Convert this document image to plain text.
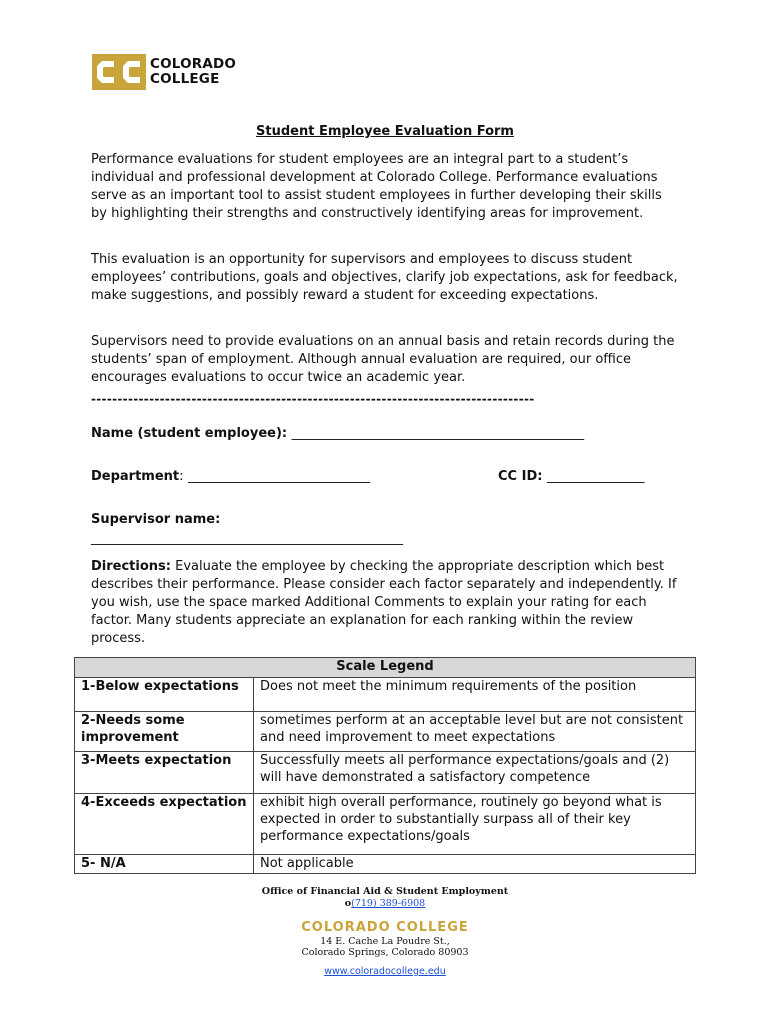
COLORADO
COLLEGE
Student Employee Evaluation Form

Performance evaluations for student employees are an integral part to a student’s individual and professional development at Colorado College. Performance evaluations serve as an important tool to assist student employees in further developing their skills by highlighting their strengths and constructively identifying areas for improvement.

This evaluation is an opportunity for supervisors and employees to discuss student employees’ contributions, goals and objectives, clarify job expectations, ask for feedback, make suggestions, and possibly reward a student for exceeding expectations.

Supervisors need to provide evaluations on an annual basis and retain records during the students’ span of employment. Although annual evaluation are required, our office encourages evaluations to occur twice an academic year.

------------------------------------------------------------------------------------
Name (student employee): _____________________________________________
Department: ____________________________	CC ID: _______________
Supervisor name:
________________________________________________

Directions: Evaluate the employee by checking the appropriate description which best describes their performance. Please consider each factor separately and independently. If you wish, use the space marked Additional Comments to explain your rating for each factor. Many students appreciate an explanation for each ranking within the review process.

Scale Legend	
1-Below expectations	Does not meet the minimum requirements of the position
2-Needs some improvement	sometimes perform at an acceptable level but are not consistent and need improvement to meet expectations
3-Meets expectation	Successfully meets all performance expectations/goals and (2) will have demonstrated a satisfactory competence
4-Exceeds expectation	exhibit high overall performance, routinely go beyond what is expected in order to substantially surpass all of their key performance expectations/goals
5- N/A	Not applicable
Office of Financial Aid & Student Employment
o(719) 389-6908
COLORADO COLLEGE
14 E. Cache La Poudre St.,
Colorado Springs, Colorado 80903
www.coloradocollege.edu
